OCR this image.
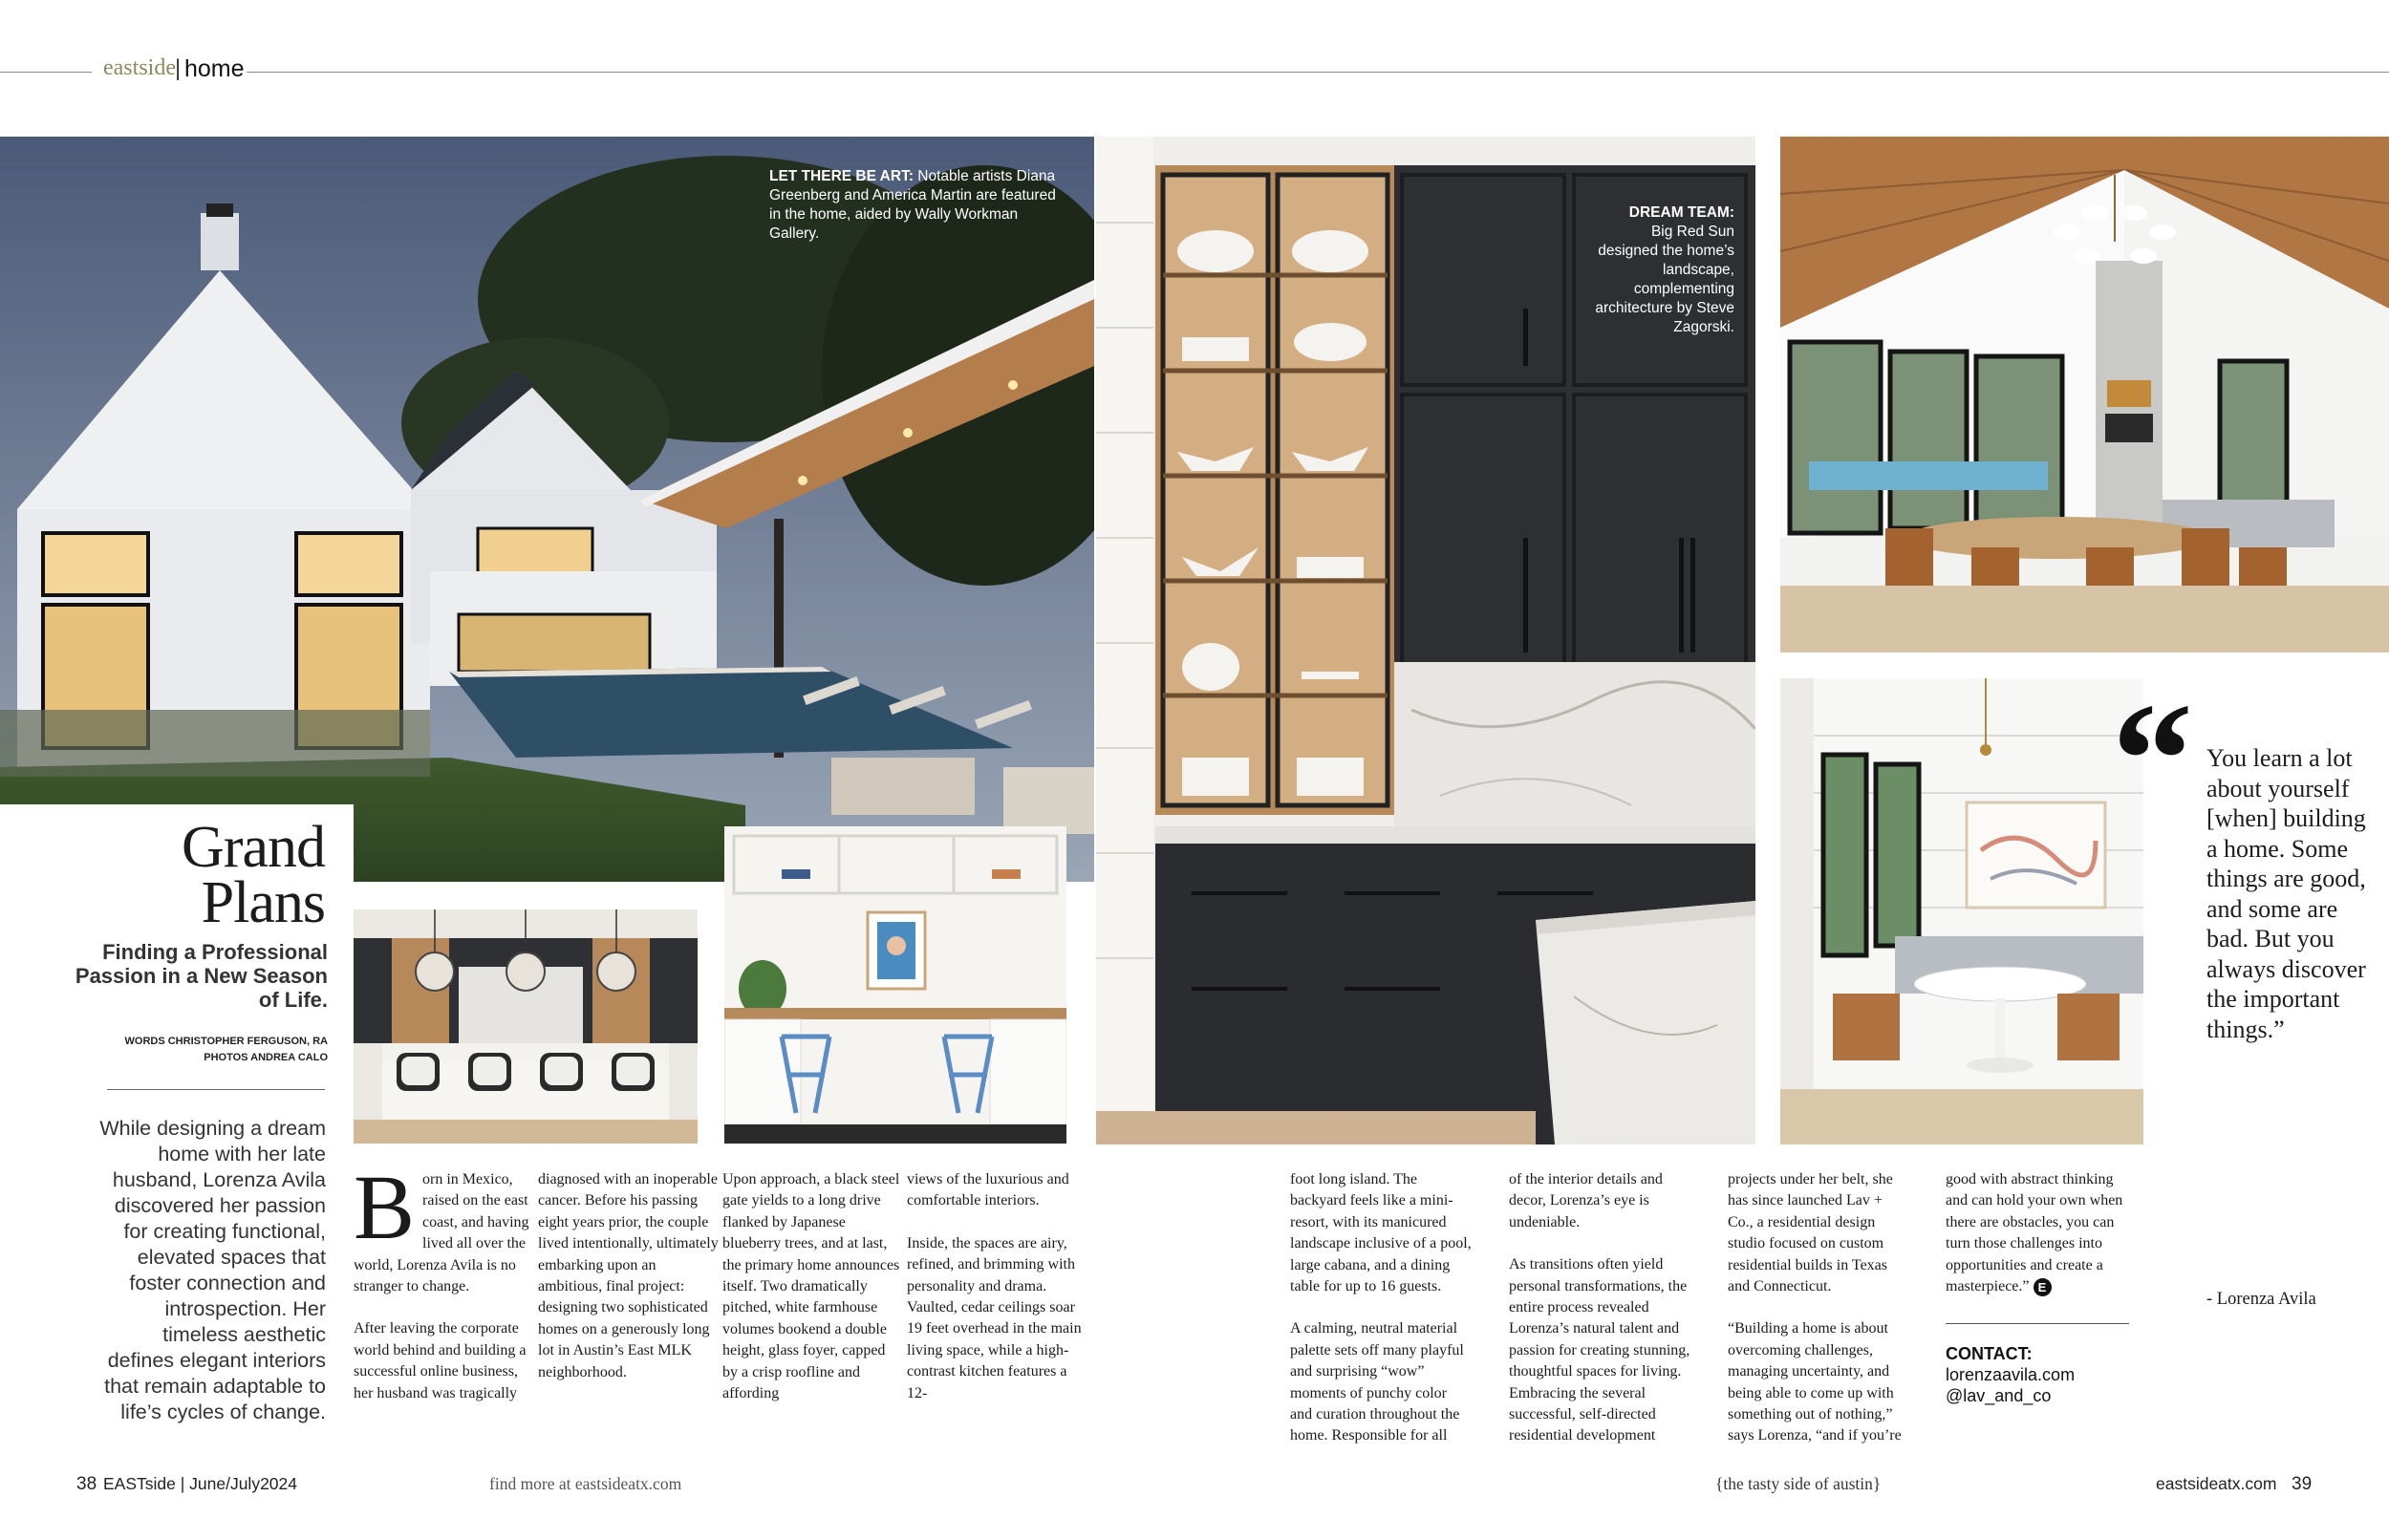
eastside | home
LET THERE BE ART: Notable artists Diana Greenberg and America Martin are featured in the home, aided by Wally Workman Gallery.
DREAM TEAM:
Big Red Sun designed the home’s landscape, complementing architecture by Steve Zagorski.
Grand
Plans
Finding a Professional Passion in a New Season of Life.
WORDS CHRISTOPHER FERGUSON, RA
PHOTOS ANDREA CALO
While designing a dream home with her late husband, Lorenza Avila discovered her passion for creating functional, elevated spaces that foster connection and introspection. Her timeless aesthetic defines elegant interiors that remain adaptable to life’s cycles of change.

Born in Mexico, raised on the east coast, and having lived all over the world, Lorenza Avila is no stranger to change.

After leaving the corporate world behind and building a successful online business, her husband was tragically

diagnosed with an inoperable cancer. Before his passing eight years prior, the couple lived intentionally, ultimately embarking upon an ambitious, final project: designing two sophisticated homes on a generously long lot in Austin’s East MLK neighborhood.

Upon approach, a black steel gate yields to a long drive flanked by Japanese blueberry trees, and at last, the primary home announces itself. Two dramatically pitched, white farmhouse volumes bookend a double height, glass foyer, capped by a crisp roofline and affording

views of the luxurious and comfortable interiors.

Inside, the spaces are airy, refined, and brimming with personality and drama. Vaulted, cedar ceilings soar 19 feet overhead in the main living space, while a high-contrast kitchen features a 12-

foot long island. The backyard feels like a mini-resort, with its manicured landscape inclusive of a pool, large cabana, and a dining table for up to 16 guests.

A calming, neutral material palette sets off many playful and surprising “wow” moments of punchy color and curation throughout the home. Responsible for all

of the interior details and decor, Lorenza’s eye is undeniable.

As transitions often yield personal transformations, the entire process revealed Lorenza’s natural talent and passion for creating stunning, thoughtful spaces for living. Embracing the several successful, self-directed residential development

projects under her belt, she has since launched Lav + Co., a residential design studio focused on custom residential builds in Texas and Connecticut.

“Building a home is about overcoming challenges, managing uncertainty, and being able to come up with something out of nothing,” says Lorenza, “and if you’re

good with abstract thinking and can hold your own when there are obstacles, you can turn those challenges into opportunities and create a masterpiece.” E

CONTACT:
lorenzaavila.com
@lav_and_co
“ You learn a lot about yourself [when] building a home. Some things are good, and some are bad. But you always discover the important things.”
- Lorenza Avila
38 EASTside | June/July2024	find more at eastsideatx.com	{the tasty side of austin}	eastsideatx.com 39
